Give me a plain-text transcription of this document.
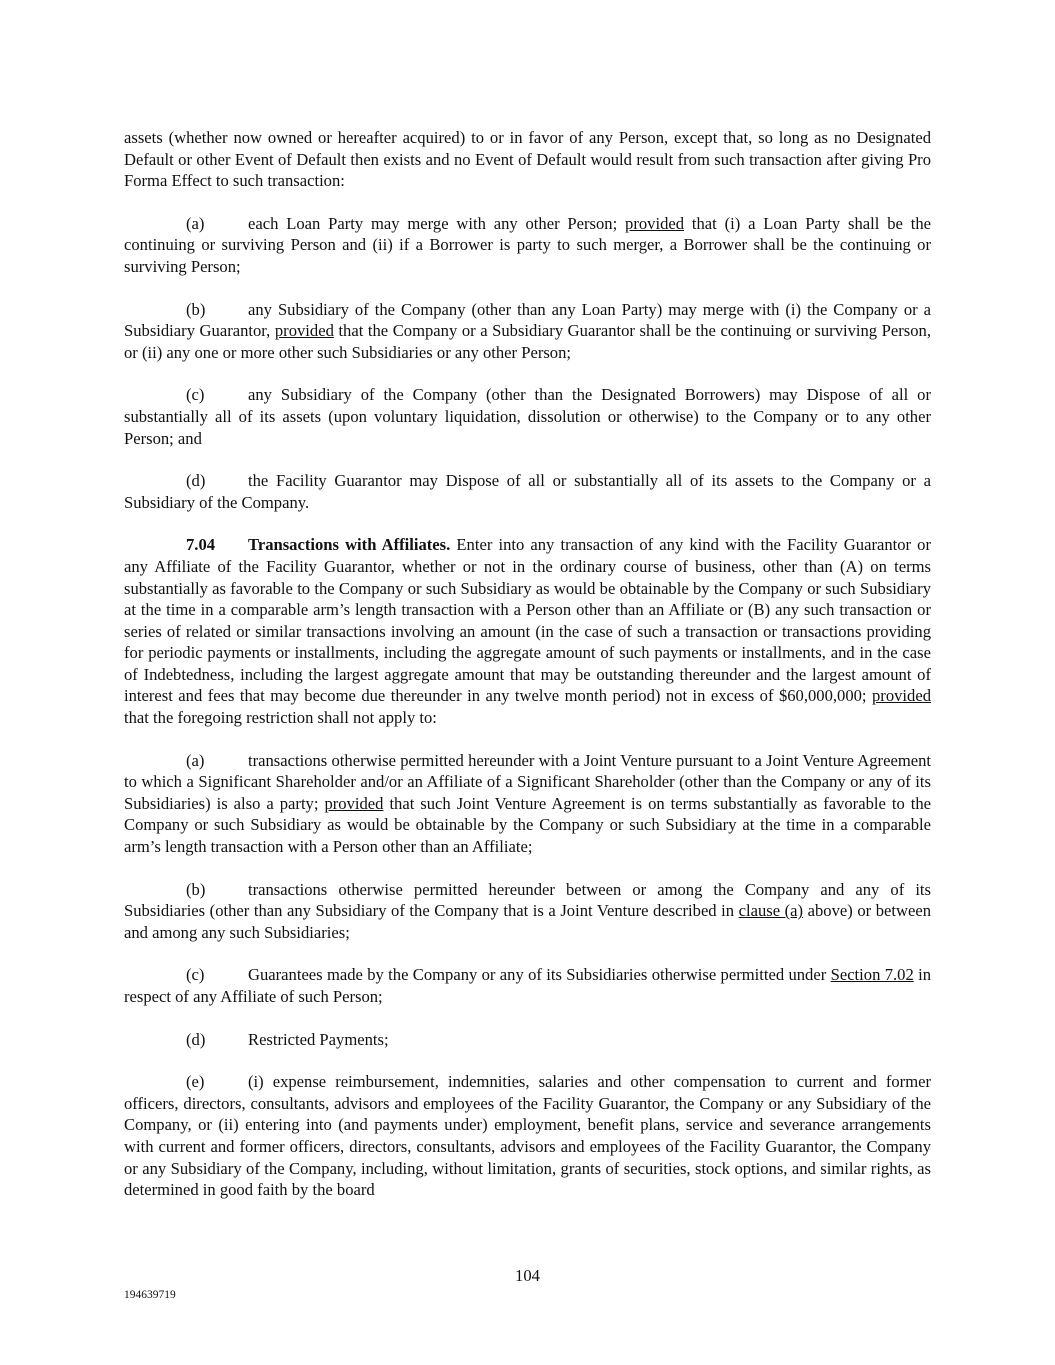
assets (whether now owned or hereafter acquired) to or in favor of any Person, except that, so long as no Designated Default or other Event of Default then exists and no Event of Default would result from such transaction after giving Pro Forma Effect to such transaction:

(a)	each Loan Party may merge with any other Person; provided that (i) a Loan Party shall be the continuing or surviving Person and (ii) if a Borrower is party to such merger, a Borrower shall be the continuing or surviving Person;

(b)	any Subsidiary of the Company (other than any Loan Party) may merge with (i) the Company or a Subsidiary Guarantor, provided that the Company or a Subsidiary Guarantor shall be the continuing or surviving Person, or (ii) any one or more other such Subsidiaries or any other Person;

(c)	any Subsidiary of the Company (other than the Designated Borrowers) may Dispose of all or substantially all of its assets (upon voluntary liquidation, dissolution or otherwise) to the Company or to any other Person; and

(d)	the Facility Guarantor may Dispose of all or substantially all of its assets to the Company or a Subsidiary of the Company.

7.04 Transactions with Affiliates. Enter into any transaction of any kind with the Facility Guarantor or any Affiliate of the Facility Guarantor, whether or not in the ordinary course of business, other than (A) on terms substantially as favorable to the Company or such Subsidiary as would be obtainable by the Company or such Subsidiary at the time in a comparable arm’s length transaction with a Person other than an Affiliate or (B) any such transaction or series of related or similar transactions involving an amount (in the case of such a transaction or transactions providing for periodic payments or installments, including the aggregate amount of such payments or installments, and in the case of Indebtedness, including the largest aggregate amount that may be outstanding thereunder and the largest amount of interest and fees that may become due thereunder in any twelve month period) not in excess of $60,000,000; provided that the foregoing restriction shall not apply to:

(a)	transactions otherwise permitted hereunder with a Joint Venture pursuant to a Joint Venture Agreement to which a Significant Shareholder and/or an Affiliate of a Significant Shareholder (other than the Company or any of its Subsidiaries) is also a party; provided that such Joint Venture Agreement is on terms substantially as favorable to the Company or such Subsidiary as would be obtainable by the Company or such Subsidiary at the time in a comparable arm’s length transaction with a Person other than an Affiliate;

(b)	transactions otherwise permitted hereunder between or among the Company and any of its Subsidiaries (other than any Subsidiary of the Company that is a Joint Venture described in clause (a) above) or between and among any such Subsidiaries;

(c)	Guarantees made by the Company or any of its Subsidiaries otherwise permitted under Section 7.02 in respect of any Affiliate of such Person;

(d)	Restricted Payments;

(e)	(i) expense reimbursement, indemnities, salaries and other compensation to current and former officers, directors, consultants, advisors and employees of the Facility Guarantor, the Company or any Subsidiary of the Company, or (ii) entering into (and payments under) employment, benefit plans, service and severance arrangements with current and former officers, directors, consultants, advisors and employees of the Facility Guarantor, the Company or any Subsidiary of the Company, including, without limitation, grants of securities, stock options, and similar rights, as determined in good faith by the board

104
194639719
